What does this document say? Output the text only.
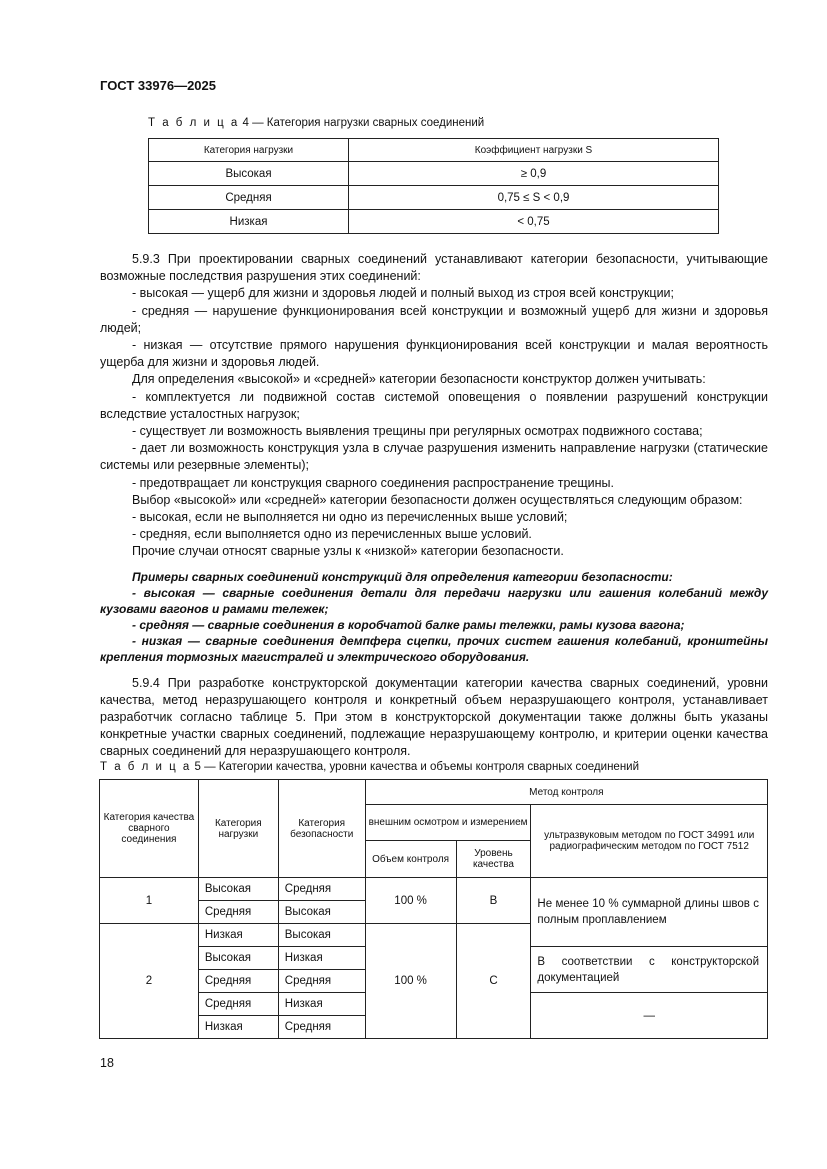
ГОСТ 33976—2025
Т а б л и ц а 4 — Категория нагрузки сварных соединений
Категория нагрузки	Коэффициент нагрузки S
Высокая	≥ 0,9
Средняя	0,75 ≤ S < 0,9
Низкая	< 0,75

5.9.3 При проектировании сварных соединений устанавливают категории безопасности, учитывающие возможные последствия разрушения этих соединений:

- высокая — ущерб для жизни и здоровья людей и полный выход из строя всей конструкции;

- средняя — нарушение функционирования всей конструкции и возможный ущерб для жизни и здоровья людей;

- низкая — отсутствие прямого нарушения функционирования всей конструкции и малая вероятность ущерба для жизни и здоровья людей.

Для определения «высокой» и «средней» категории безопасности конструктор должен учитывать:

- комплектуется ли подвижной состав системой оповещения о появлении разрушений конструкции вследствие усталостных нагрузок;

- существует ли возможность выявления трещины при регулярных осмотрах подвижного состава;

- дает ли возможность конструкция узла в случае разрушения изменить направление нагрузки (статические системы или резервные элементы);

- предотвращает ли конструкция сварного соединения распространение трещины.

Выбор «высокой» или «средней» категории безопасности должен осуществляться следующим образом:

- высокая, если не выполняется ни одно из перечисленных выше условий;

- средняя, если выполняется одно из перечисленных выше условий.

Прочие случаи относят сварные узлы к «низкой» категории безопасности.

Примеры сварных соединений конструкций для определения категории безопасности:

- высокая — сварные соединения детали для передачи нагрузки или гашения колебаний между кузовами вагонов и рамами тележек;

- средняя — сварные соединения в коробчатой балке рамы тележки, рамы кузова вагона;

- низкая — сварные соединения демпфера сцепки, прочих систем гашения колебаний, кронштейны крепления тормозных магистралей и электрического оборудования.

5.9.4 При разработке конструкторской документации категории качества сварных соединений, уровни качества, метод неразрушающего контроля и конкретный объем неразрушающего контроля, устанавливает разработчик согласно таблице 5. При этом в конструкторской документации также должны быть указаны конкретные участки сварных соединений, подлежащие неразрушающему контролю, и критерии оценки качества сварных соединений для неразрушающего контроля.

Т а б л и ц а 5 — Категории качества, уровни качества и объемы контроля сварных соединений
Категория качества сварного соединения	Категория нагрузки	Категория безопасности	Метод контроля		
			внешним осмотром и измерением		ультразвуковым методом по ГОСТ 34991 или радиографическим методом по ГОСТ 7512
			Объем контроля	Уровень качества	
1	Высокая	Средняя	100 %	B	Не менее 10 % суммарной длины швов с полным проплавлением
	Средняя	Высокая			
2	Низкая	Высокая	100 %	C	
	Высокая	Низкая			В соответствии с конструкторской документацией
	Средняя	Средняя			
	Средняя	Низкая			—
	Низкая	Средняя			
18
